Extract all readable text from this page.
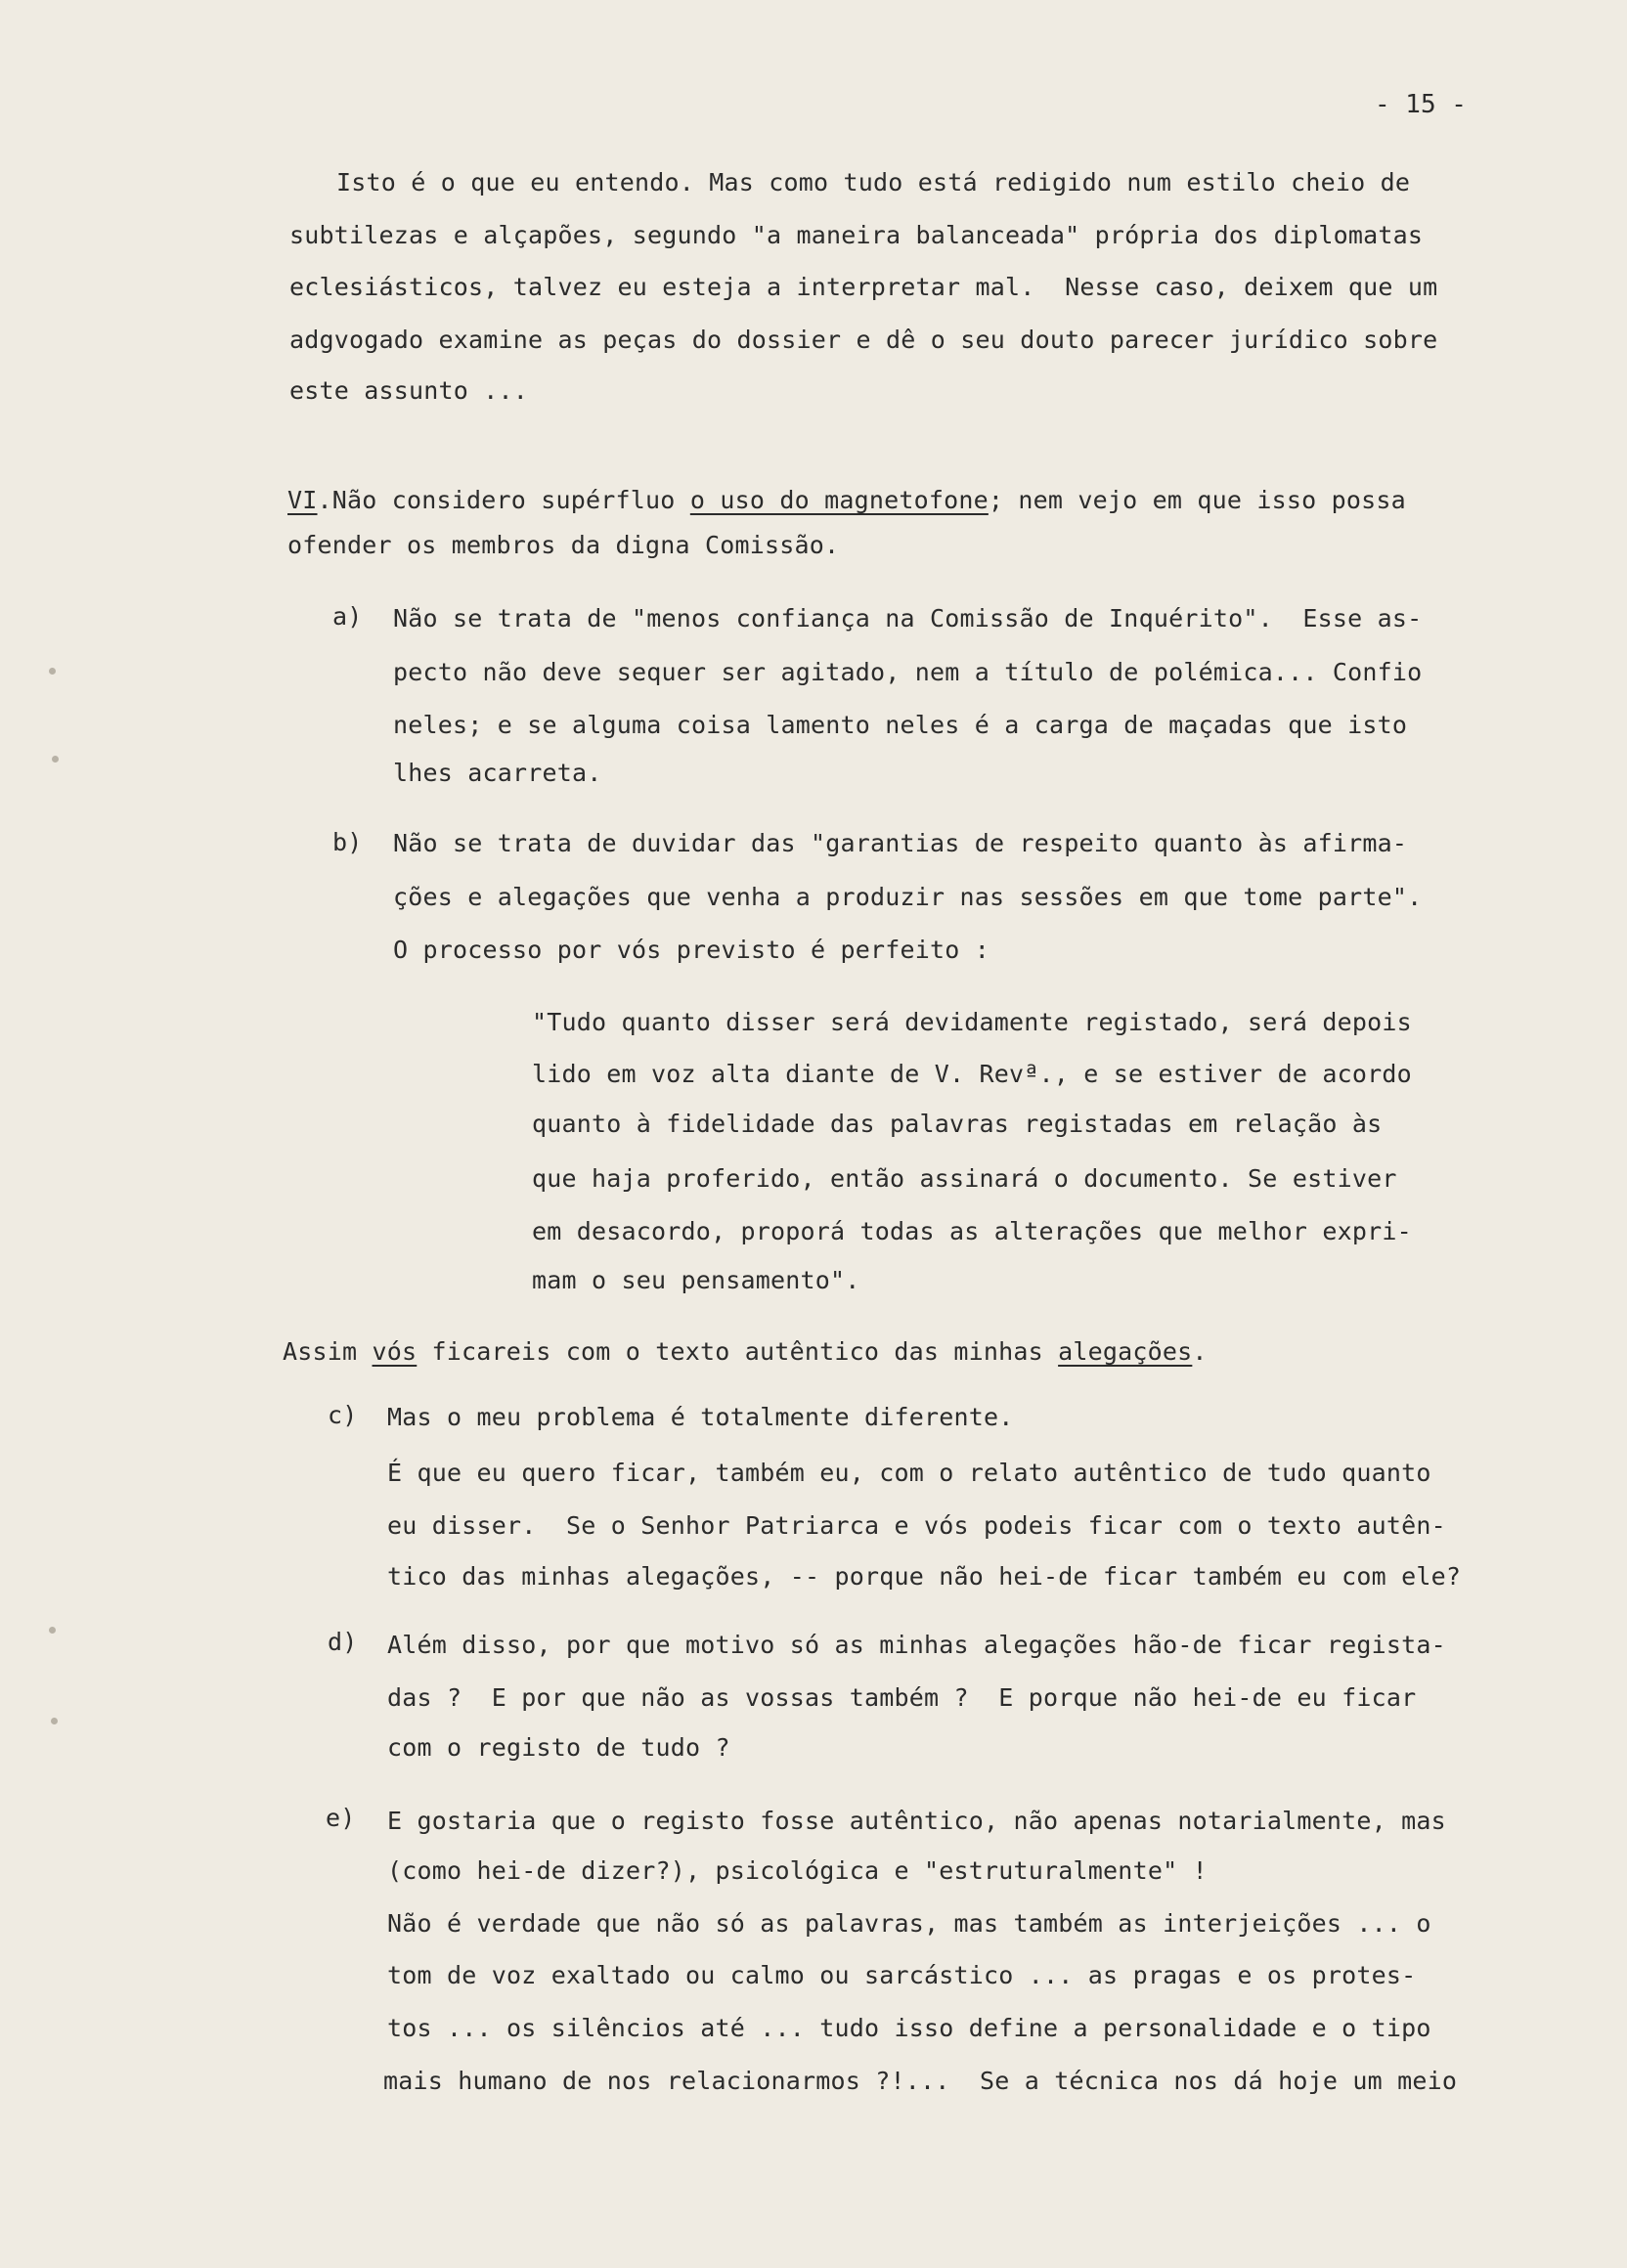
- 15 -
Isto é o que eu entendo. Mas como tudo está redigido num estilo cheio de
subtilezas e alçapões, segundo "a maneira balanceada" própria dos diplomatas
eclesiásticos, talvez eu esteja a interpretar mal.  Nesse caso, deixem que um
adgvogado examine as peças do dossier e dê o seu douto parecer jurídico sobre
este assunto ...
VI.Não considero supérfluo o uso do magnetofone; nem vejo em que isso possa
ofender os membros da digna Comissão.
a) Não se trata de "menos confiança na Comissão de Inquérito".  Esse as-
pecto não deve sequer ser agitado, nem a título de polémica... Confio
neles; e se alguma coisa lamento neles é a carga de maçadas que isto
lhes acarreta.
b) Não se trata de duvidar das "garantias de respeito quanto às afirma-
ções e alegações que venha a produzir nas sessões em que tome parte".
O processo por vós previsto é perfeito :
"Tudo quanto disser será devidamente registado, será depois
lido em voz alta diante de V. Revª., e se estiver de acordo
quanto à fidelidade das palavras registadas em relação às
que haja proferido, então assinará o documento. Se estiver
em desacordo, proporá todas as alterações que melhor expri-
mam o seu pensamento".
Assim vós ficareis com o texto autêntico das minhas alegações.
c) Mas o meu problema é totalmente diferente.
É que eu quero ficar, também eu, com o relato autêntico de tudo quanto
eu disser.  Se o Senhor Patriarca e vós podeis ficar com o texto autên-
tico das minhas alegações, -- porque não hei-de ficar também eu com ele?
d) Além disso, por que motivo só as minhas alegações hão-de ficar regista-
das ?  E por que não as vossas também ?  E porque não hei-de eu ficar
com o registo de tudo ?
e) E gostaria que o registo fosse autêntico, não apenas notarialmente, mas
(como hei-de dizer?), psicológica e "estruturalmente" !
Não é verdade que não só as palavras, mas também as interjeições ... o
tom de voz exaltado ou calmo ou sarcástico ... as pragas e os protes-
tos ... os silêncios até ... tudo isso define a personalidade e o tipo
mais humano de nos relacionarmos ?!...  Se a técnica nos dá hoje um meio
